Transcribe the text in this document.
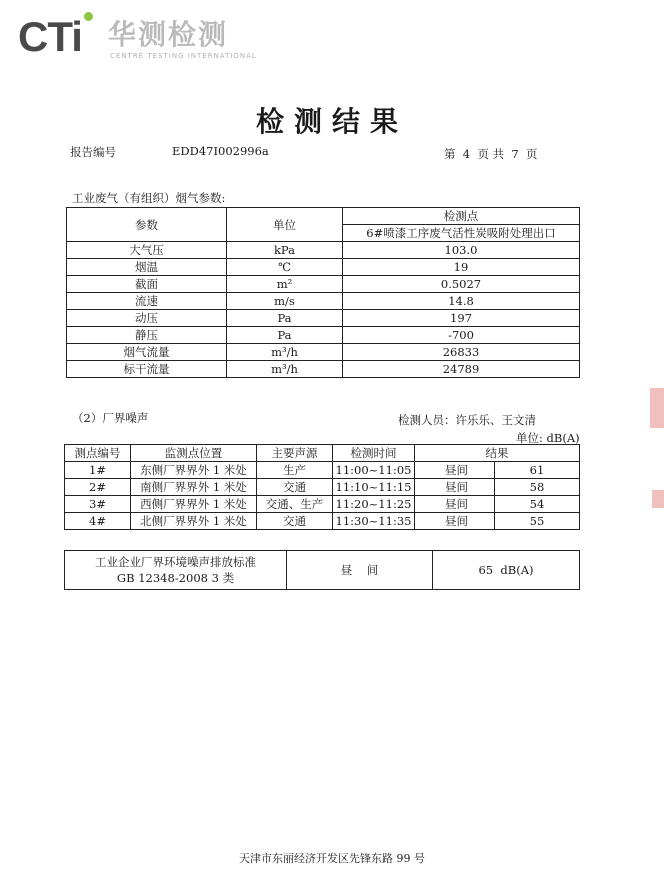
CTi 华测检测
CENTRE TESTING INTERNATIONAL
检测结果
报告编号	EDD47I002996a	第  4  页 共  7  页
工业废气（有组织）烟气参数:
参数	单位	检测点
		6#喷漆工序废气活性炭吸附处理出口
大气压	kPa	103.0
烟温	℃	19
截面	m²	0.5027
流速	m/s	14.8
动压	Pa	197
静压	Pa	-700
烟气流量	m³/h	26833
标干流量	m³/h	24789
（2）厂界噪声	检测人员：许乐乐、王文清
单位: dB(A)
测点编号	监测点位置	主要声源	检测时间	结果	
1#	东侧厂界界外 1 米处	生产	11:00~11:05	昼间	61
2#	南侧厂界界外 1 米处	交通	11:10~11:15	昼间	58
3#	西侧厂界界外 1 米处	交通、生产	11:20~11:25	昼间	54
4#	北侧厂界界外 1 米处	交通	11:30~11:35	昼间	55
工业企业厂界环境噪声排放标准
GB 12348-2008 3 类
	昼    间	65  dB(A)
天津市东丽经济开发区先锋东路 99 号
